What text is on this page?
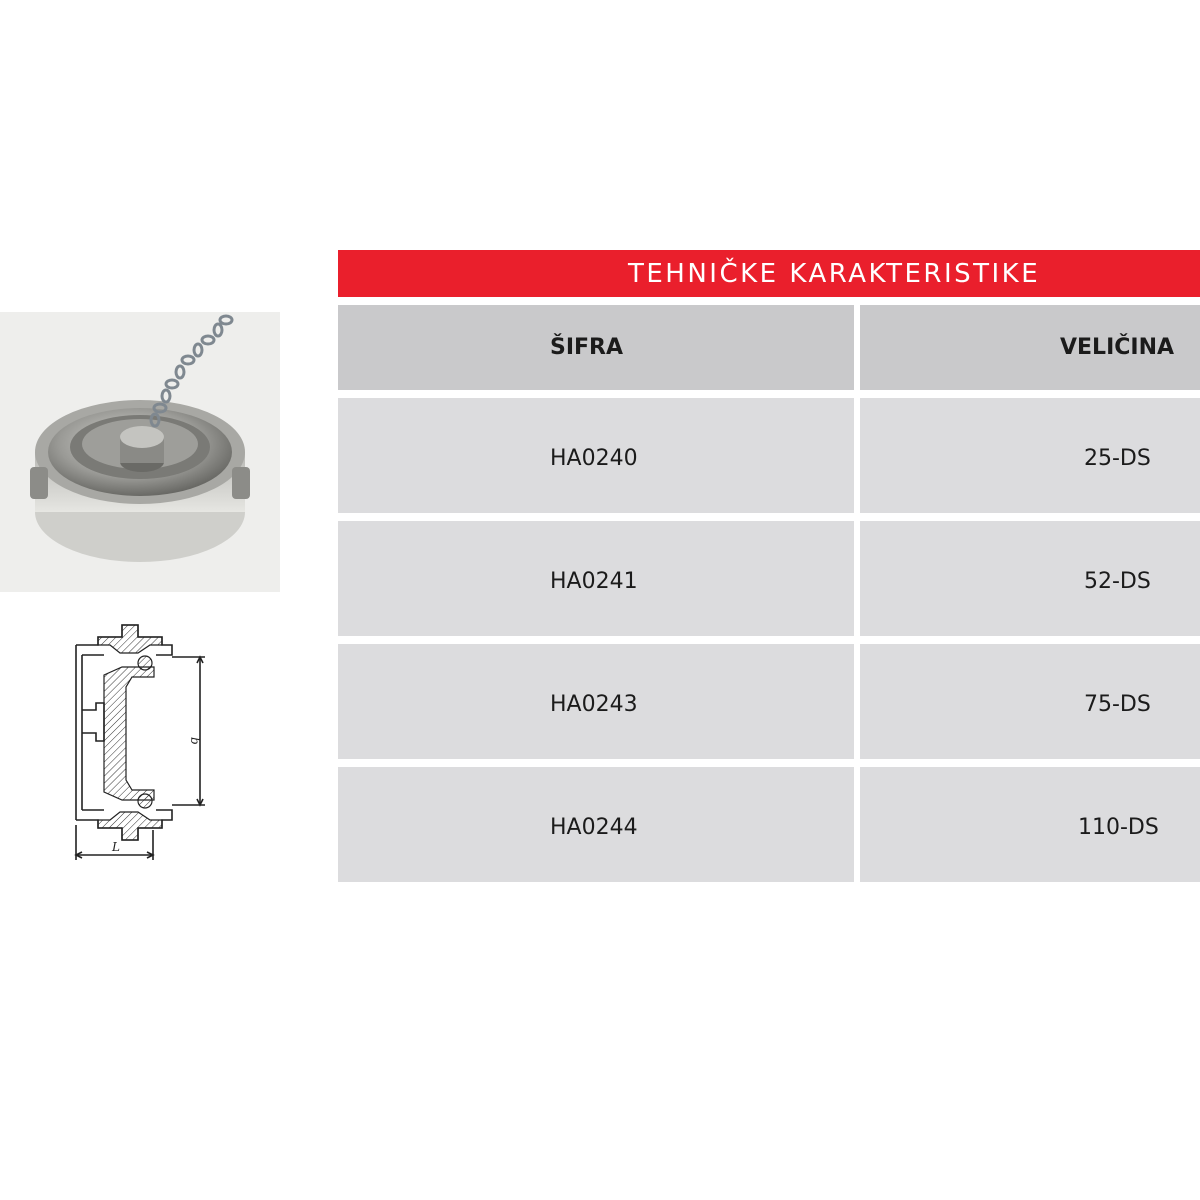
b
L
TEHNIČKE KARAKTERISTIKE
ŠIFRA	VELIČINA
HA0240	25-DS
HA0241	52-DS
HA0243	75-DS
HA0244	110-DS
